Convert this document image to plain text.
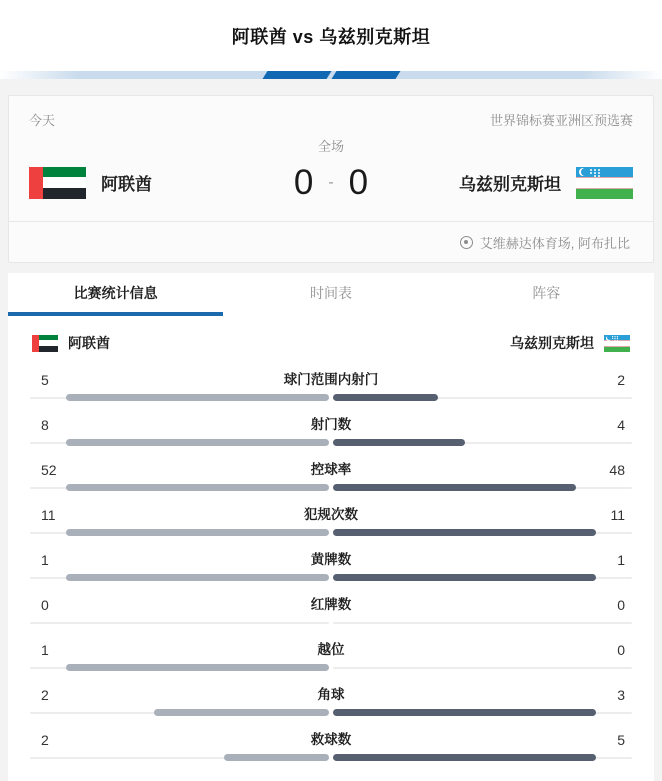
阿联酋 vs 乌兹别克斯坦
今天	世界锦标赛亚洲区预选赛
全场
阿联酋	0 - 0	乌兹别克斯坦
艾维赫达体育场, 阿布扎比
比赛统计信息	时间表	阵容
阿联酋	乌兹别克斯坦
5	球门范围内射门	2
8	射门数	4
52	控球率	48
11	犯规次数	11
1	黄牌数	1
0	红牌数	0
1	越位	0
2	角球	3
2	救球数	5
